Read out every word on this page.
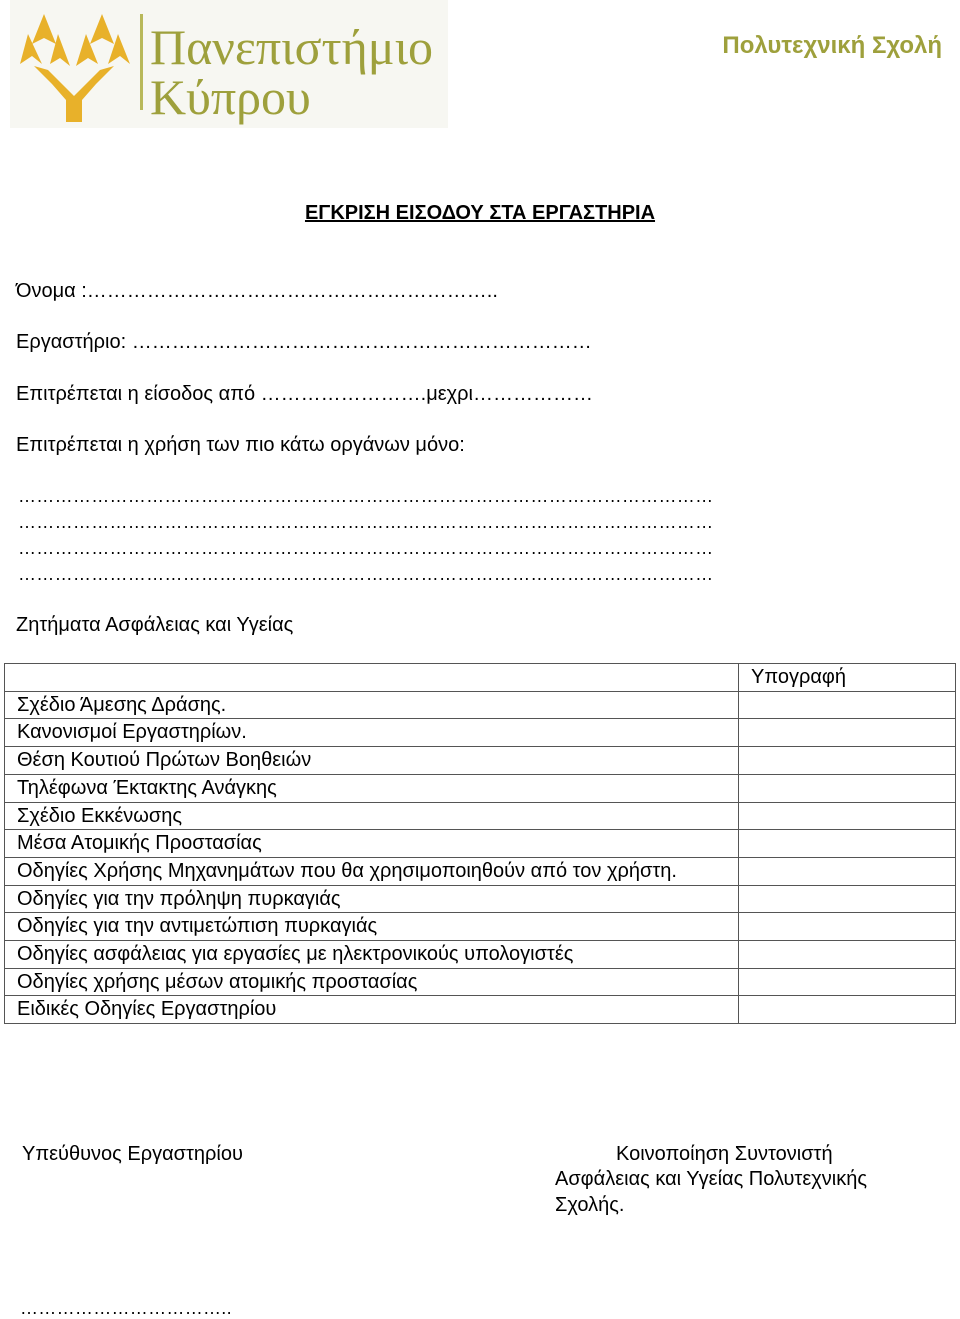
Πανεπιστήμιο
Κύπρου
Πολυτεχνική Σχολή
ΕΓΚΡΙΣΗ ΕΙΣΟΔΟΥ ΣΤΑ ΕΡΓΑΣΤΗΡΙΑ
Όνομα :……………………………………………………..
Εργαστήριο: ……………………………………………………………
Επιτρέπεται η είσοδος από …………………….μεχρι………………
Επιτρέπεται η χρήση των πιο κάτω οργάνων μόνο:
……………………………………………………………………………………………………
……………………………………………………………………………………………………
……………………………………………………………………………………………………
……………………………………………………………………………………………………
Ζητήματα Ασφάλειας και Υγείας
	Υπογραφή
Σχέδιο Άμεσης Δράσης.	
Κανονισμοί Εργαστηρίων.	
Θέση Κουτιού Πρώτων Βοηθειών	
Τηλέφωνα Έκτακτης Ανάγκης	
Σχέδιο Εκκένωσης	
Μέσα Ατομικής Προστασίας	
Οδηγίες Χρήσης Μηχανημάτων που θα χρησιμοποιηθούν από τον χρήστη.	
Οδηγίες για την πρόληψη πυρκαγιάς	
Οδηγίες για την αντιμετώπιση πυρκαγιάς	
Οδηγίες ασφάλειας για εργασίες με ηλεκτρονικούς υπολογιστές	
Οδηγίες χρήσης μέσων ατομικής προστασίας	
Ειδικές Οδηγίες Εργαστηρίου	
Υπεύθυνος Εργαστηρίου	Κοινοποίηση Συντονιστή
Ασφάλειας και Υγείας Πολυτεχνικής
Σχολής.
……………………………..
